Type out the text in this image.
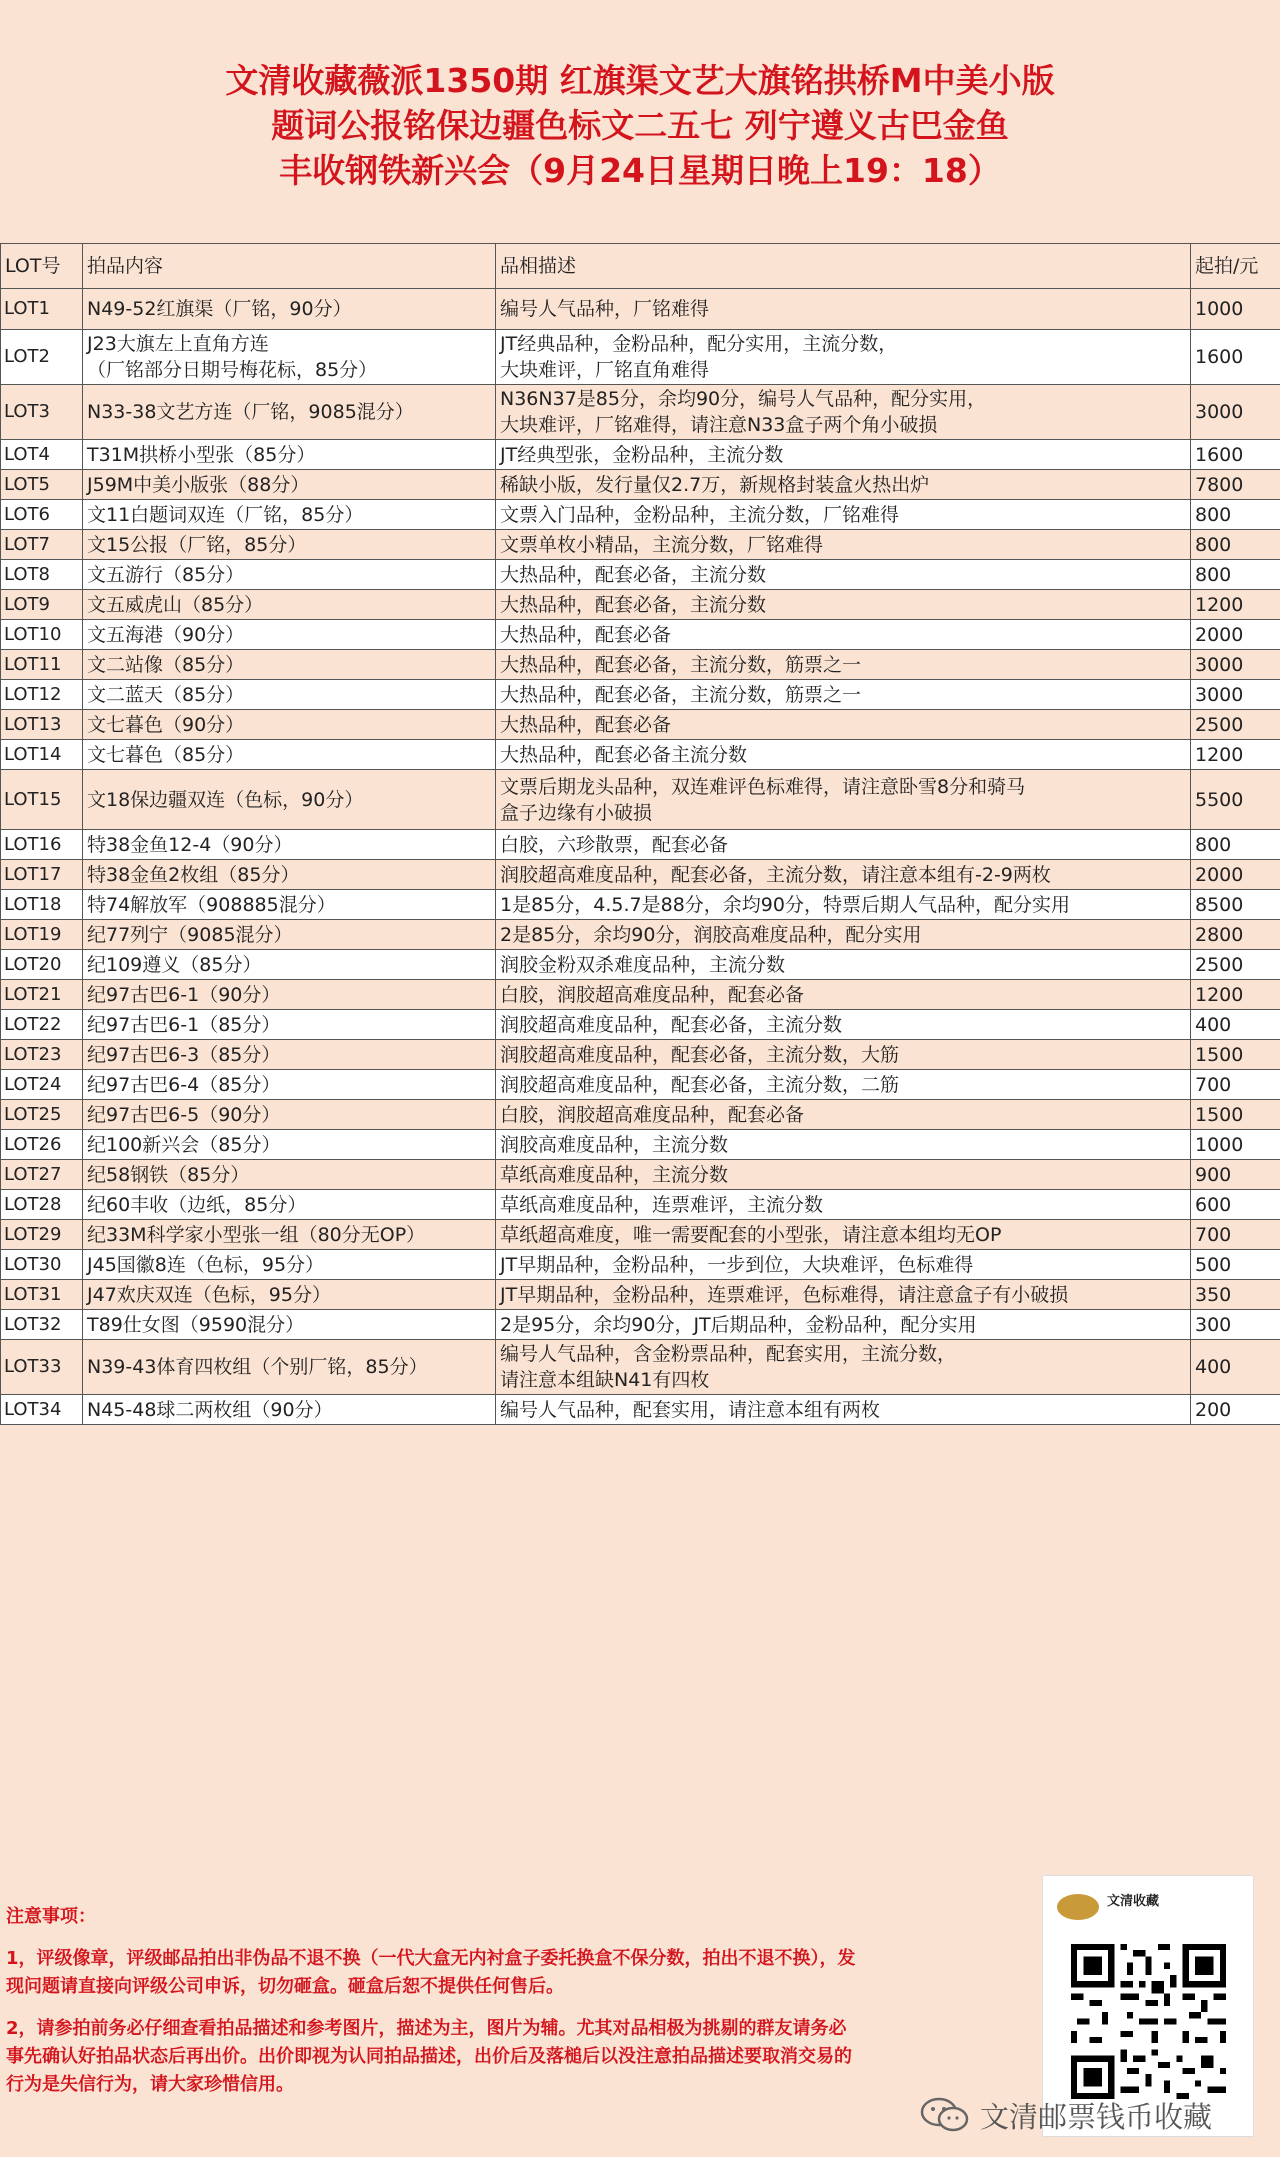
文清收藏薇派1350期 红旗渠文艺大旗铭拱桥M中美小版
题词公报铭保边疆色标文二五七 列宁遵义古巴金鱼
丰收钢铁新兴会（9月24日星期日晚上19：18）
LOT号	拍品内容	品相描述	起拍/元
LOT1	N49-52红旗渠（厂铭，90分）	编号人气品种，厂铭难得	1000
LOT2	J23大旗左上直角方连
（厂铭部分日期号梅花标，85分）	JT经典品种，金粉品种，配分实用，主流分数，
大块难评，厂铭直角难得	1600
LOT3	N33-38文艺方连（厂铭，9085混分）	N36N37是85分，余均90分，编号人气品种，配分实用，
大块难评，厂铭难得，请注意N33盒子两个角小破损	3000
LOT4	T31M拱桥小型张（85分）	JT经典型张，金粉品种，主流分数	1600
LOT5	J59M中美小版张（88分）	稀缺小版，发行量仅2.7万，新规格封装盒火热出炉	7800
LOT6	文11白题词双连（厂铭，85分）	文票入门品种，金粉品种，主流分数，厂铭难得	800
LOT7	文15公报（厂铭，85分）	文票单枚小精品，主流分数，厂铭难得	800
LOT8	文五游行（85分）	大热品种，配套必备，主流分数	800
LOT9	文五威虎山（85分）	大热品种，配套必备，主流分数	1200
LOT10	文五海港（90分）	大热品种，配套必备	2000
LOT11	文二站像（85分）	大热品种，配套必备，主流分数，筋票之一	3000
LOT12	文二蓝天（85分）	大热品种，配套必备，主流分数，筋票之一	3000
LOT13	文七暮色（90分）	大热品种，配套必备	2500
LOT14	文七暮色（85分）	大热品种，配套必备主流分数	1200
LOT15	文18保边疆双连（色标，90分）	文票后期龙头品种，双连难评色标难得，请注意卧雪8分和骑马
盒子边缘有小破损	5500
LOT16	特38金鱼12-4（90分）	白胶，六珍散票，配套必备	800
LOT17	特38金鱼2枚组（85分）	润胶超高难度品种，配套必备，主流分数，请注意本组有-2-9两枚	2000
LOT18	特74解放军（908885混分）	1是85分，4.5.7是88分，余均90分，特票后期人气品种，配分实用	8500
LOT19	纪77列宁（9085混分）	2是85分，余均90分，润胶高难度品种，配分实用	2800
LOT20	纪109遵义（85分）	润胶金粉双杀难度品种，主流分数	2500
LOT21	纪97古巴6-1（90分）	白胶，润胶超高难度品种，配套必备	1200
LOT22	纪97古巴6-1（85分）	润胶超高难度品种，配套必备，主流分数	400
LOT23	纪97古巴6-3（85分）	润胶超高难度品种，配套必备，主流分数，大筋	1500
LOT24	纪97古巴6-4（85分）	润胶超高难度品种，配套必备，主流分数，二筋	700
LOT25	纪97古巴6-5（90分）	白胶，润胶超高难度品种，配套必备	1500
LOT26	纪100新兴会（85分）	润胶高难度品种，主流分数	1000
LOT27	纪58钢铁（85分）	草纸高难度品种，主流分数	900
LOT28	纪60丰收（边纸，85分）	草纸高难度品种，连票难评，主流分数	600
LOT29	纪33M科学家小型张一组（80分无OP）	草纸超高难度，唯一需要配套的小型张，请注意本组均无OP	700
LOT30	J45国徽8连（色标，95分）	JT早期品种，金粉品种，一步到位，大块难评，色标难得	500
LOT31	J47欢庆双连（色标，95分）	JT早期品种，金粉品种，连票难评，色标难得，请注意盒子有小破损	350
LOT32	T89仕女图（9590混分）	2是95分，余均90分，JT后期品种，金粉品种，配分实用	300
LOT33	N39-43体育四枚组（个别厂铭，85分）	编号人气品种，含金粉票品种，配套实用，主流分数，
请注意本组缺N41有四枚	400
LOT34	N45-48球二两枚组（90分）	编号人气品种，配套实用，请注意本组有两枚	200
注意事项：

1，评级像章，评级邮品拍出非伪品不退不换（一代大盒无内衬盒子委托换盒不保分数，拍出不退不换），发现问题请直接向评级公司申诉，切勿砸盒。砸盒后恕不提供任何售后。

2，请参拍前务必仔细查看拍品描述和参考图片，描述为主，图片为辅。尤其对品相极为挑剔的群友请务必事先确认好拍品状态后再出价。出价即视为认同拍品描述，出价后及落槌后以没注意拍品描述要取消交易的行为是失信行为，请大家珍惜信用。

文清收藏
文清邮票钱币收藏
